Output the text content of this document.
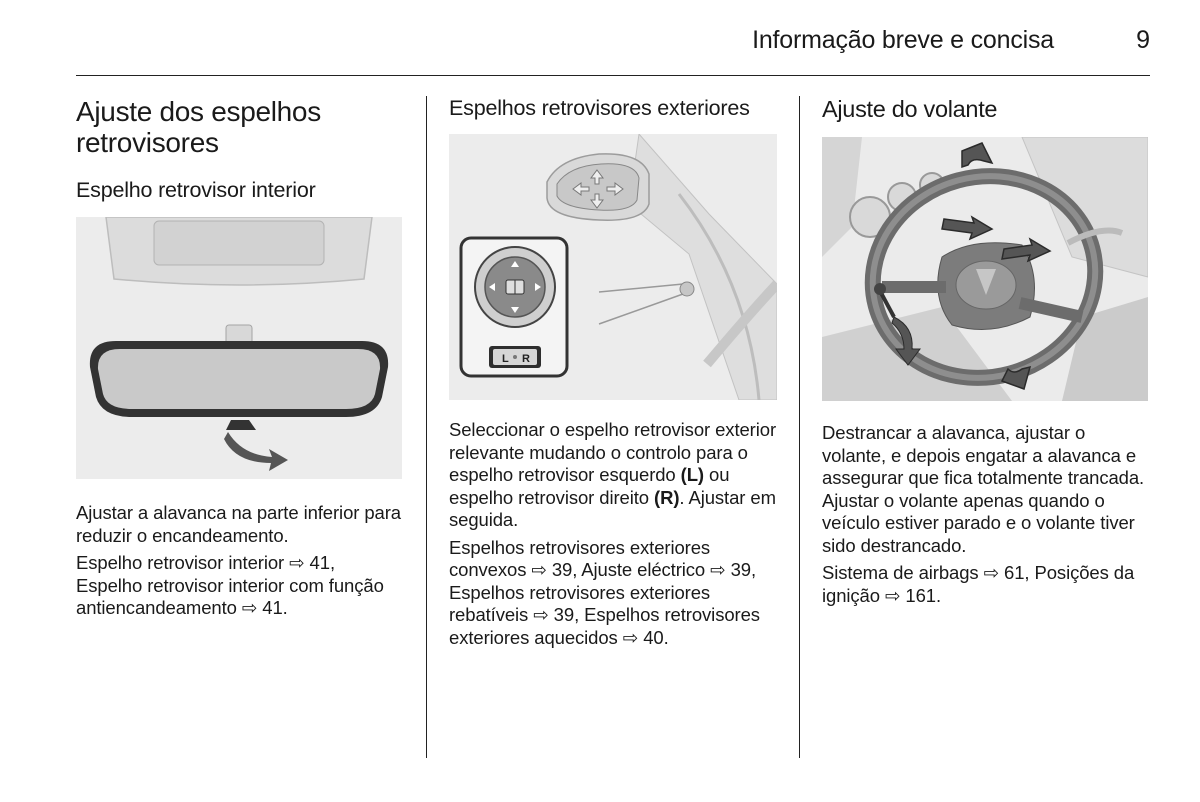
Informação breve e concisa	9
Ajuste dos espelhos retrovisores
Espelho retrovisor interior

Ajustar a alavanca na parte inferior para reduzir o encandeamento.

Espelho retrovisor interior ⇨ 41, Espelho retrovisor interior com função antiencandeamento ⇨ 41.

Espelhos retrovisores exteriores
L R

Seleccionar o espelho retrovisor exterior relevante mudando o controlo para o espelho retrovisor esquerdo (L) ou espelho retrovisor direito (R). Ajustar em seguida.

Espelhos retrovisores exteriores convexos ⇨ 39, Ajuste eléctrico ⇨ 39, Espelhos retrovisores exteriores rebatíveis ⇨ 39, Espelhos retrovisores exteriores aquecidos ⇨ 40.

Ajuste do volante

Destrancar a alavanca, ajustar o volante, e depois engatar a alavanca e assegurar que fica totalmente trancada. Ajustar o volante apenas quando o veículo estiver parado e o volante tiver sido destrancado.

Sistema de airbags ⇨ 61, Posições da ignição ⇨ 161.
